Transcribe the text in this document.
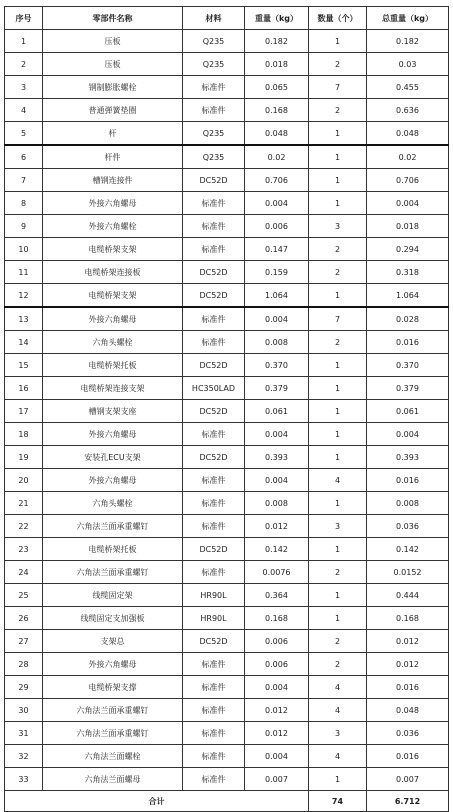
序号	零部件名称	材料	重量（kg）	数量（个）	总重量（kg）
1	压板	Q235	0.182	1	0.182
2	压板	Q235	0.018	2	0.03
3	钢制膨胀螺栓	标准件	0.065	7	0.455
4	普通弹簧垫圈	标准件	0.168	2	0.636
5	杆	Q235	0.048	1	0.048
6	杆件	Q235	0.02	1	0.02
7	槽钢连接件	DC52D	0.706	1	0.706
8	外接六角螺母	标准件	0.004	1	0.004
9	外接六角螺栓	标准件	0.006	3	0.018
10	电缆桥架支架	标准件	0.147	2	0.294
11	电缆桥架连接板	DC52D	0.159	2	0.318
12	电缆桥架支架	DC52D	1.064	1	1.064
13	外接六角螺母	标准件	0.004	7	0.028
14	六角头螺栓	标准件	0.008	2	0.016
15	电缆桥架托板	DC52D	0.370	1	0.370
16	电缆桥架连接支架	HC350LAD	0.379	1	0.379
17	槽钢支架支座	DC52D	0.061	1	0.061
18	外接六角螺母	标准件	0.004	1	0.004
19	安装孔ECU支架	DC52D	0.393	1	0.393
20	外接六角螺母	标准件	0.004	4	0.016
21	六角头螺栓	标准件	0.008	1	0.008
22	六角法兰面承重螺钉	标准件	0.012	3	0.036
23	电缆桥架托板	DC52D	0.142	1	0.142
24	六角法兰面承重螺钉	标准件	0.0076	2	0.0152
25	线缆固定架	HR90L	0.364	1	0.444
26	线缆固定支加强板	HR90L	0.168	1	0.168
27	支架总	DC52D	0.006	2	0.012
28	外接六角螺母	标准件	0.006	2	0.012
29	电缆桥架支撑	标准件	0.004	4	0.016
30	六角法兰面承重螺钉	标准件	0.012	4	0.048
31	六角法兰面承重螺钉	标准件	0.012	3	0.036
32	六角法兰面螺栓	标准件	0.004	4	0.016
33	六角法兰面螺母	标准件	0.007	1	0.007
合计				74	6.712
